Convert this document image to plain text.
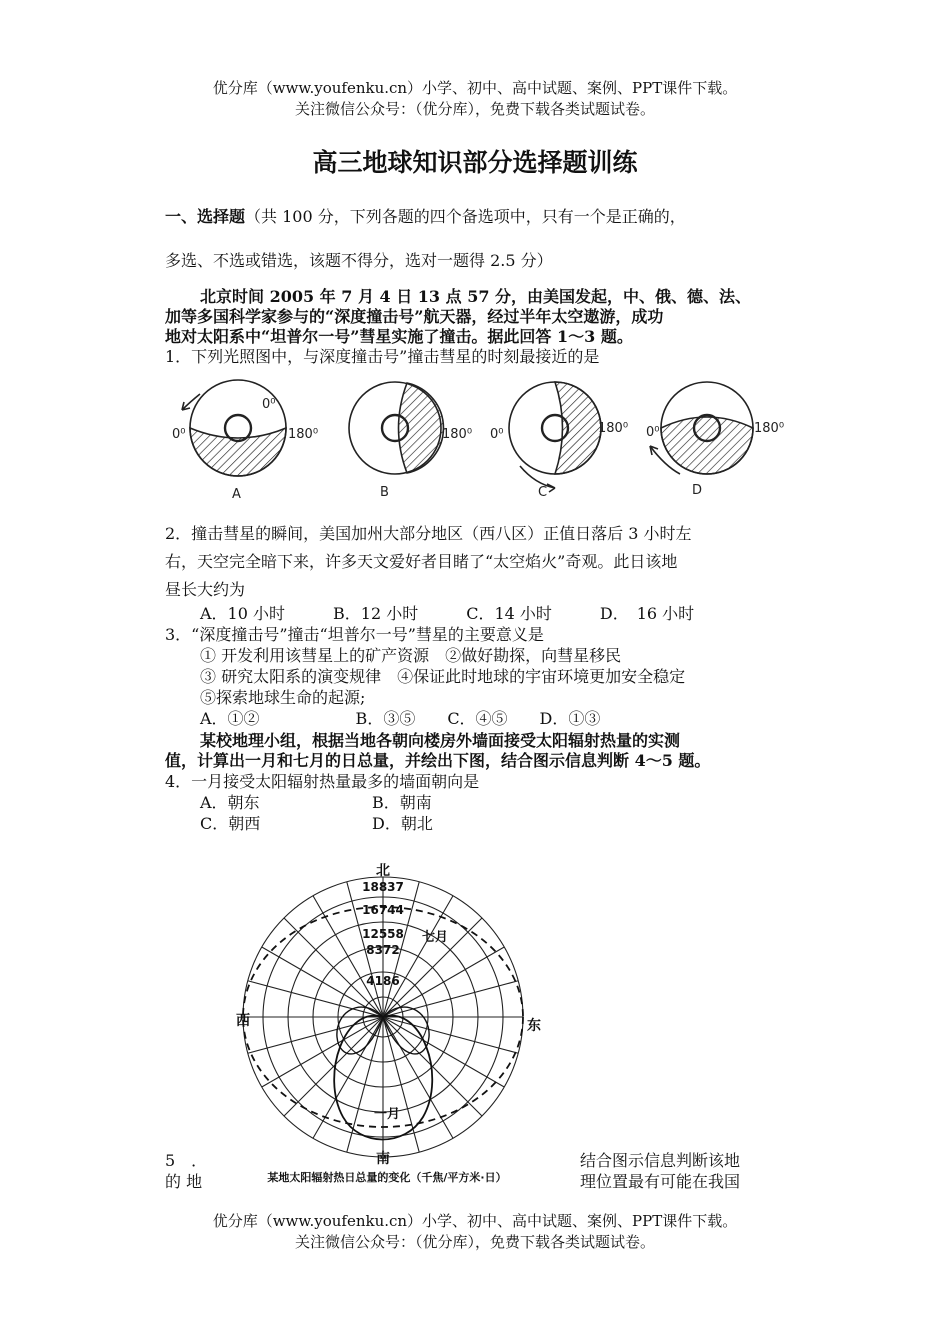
优分库（www.youfenku.cn）小学、初中、高中试题、案例、PPT课件下载。
关注微信公众号：（优分库），免费下载各类试题试卷。
高三地球知识部分选择题训练
一、选择题（共 100 分，下列各题的四个备选项中，只有一个是正确的，
多选、不选或错选，该题不得分，选对一题得 2.5 分）
北京时间 2005 年 7 月 4 日 13 点 57 分，由美国发起，中、俄、德、法、
加等多国科学家参与的“深度撞击号”航天器，经过半年太空遨游，成功
地对太阳系中“坦普尔一号”彗星实施了撞击。据此回答 1～3 题。
1．下列光照图中，与深度撞击号”撞击彗星的时刻最接近的是
0⁰	180⁰
0⁰
A
180⁰
B
0⁰	180⁰
C
0⁰	180⁰
D
2．撞击彗星的瞬间，美国加州大部分地区（西八区）正值日落后 3 小时左
右，天空完全暗下来，许多天文爱好者目睹了“太空焰火”奇观。此日该地
昼长大约为
A．10 小时　　　B．12 小时　　　C．14 小时　　　D．　16 小时
3．“深度撞击号”撞击“坦普尔一号”彗星的主要意义是
① 开发利用该彗星上的矿产资源　②做好勘探，向彗星移民
③ 研究太阳系的演变规律　④保证此时地球的宇宙环境更加安全稳定
⑤探索地球生命的起源;
A．①②　　　　　　B．③⑤　　C．④⑤　　D．①③
某校地理小组，根据当地各朝向楼房外墙面接受太阳辐射热量的实测
值，计算出一月和七月的日总量，并绘出下图，结合图示信息判断 4～5 题。
4．一月接受太阳辐射热量最多的墙面朝向是
A．朝东	B．朝南
C．朝西	D．朝北
北
18837
16744
12558
8372
4186
七月
一月
西	东
南
某地太阳辐射热日总量的变化（千焦/平方米·日）
5　．
的 地
结合图示信息判断该地
理位置最有可能在我国
优分库（www.youfenku.cn）小学、初中、高中试题、案例、PPT课件下载。
关注微信公众号：（优分库），免费下载各类试题试卷。
